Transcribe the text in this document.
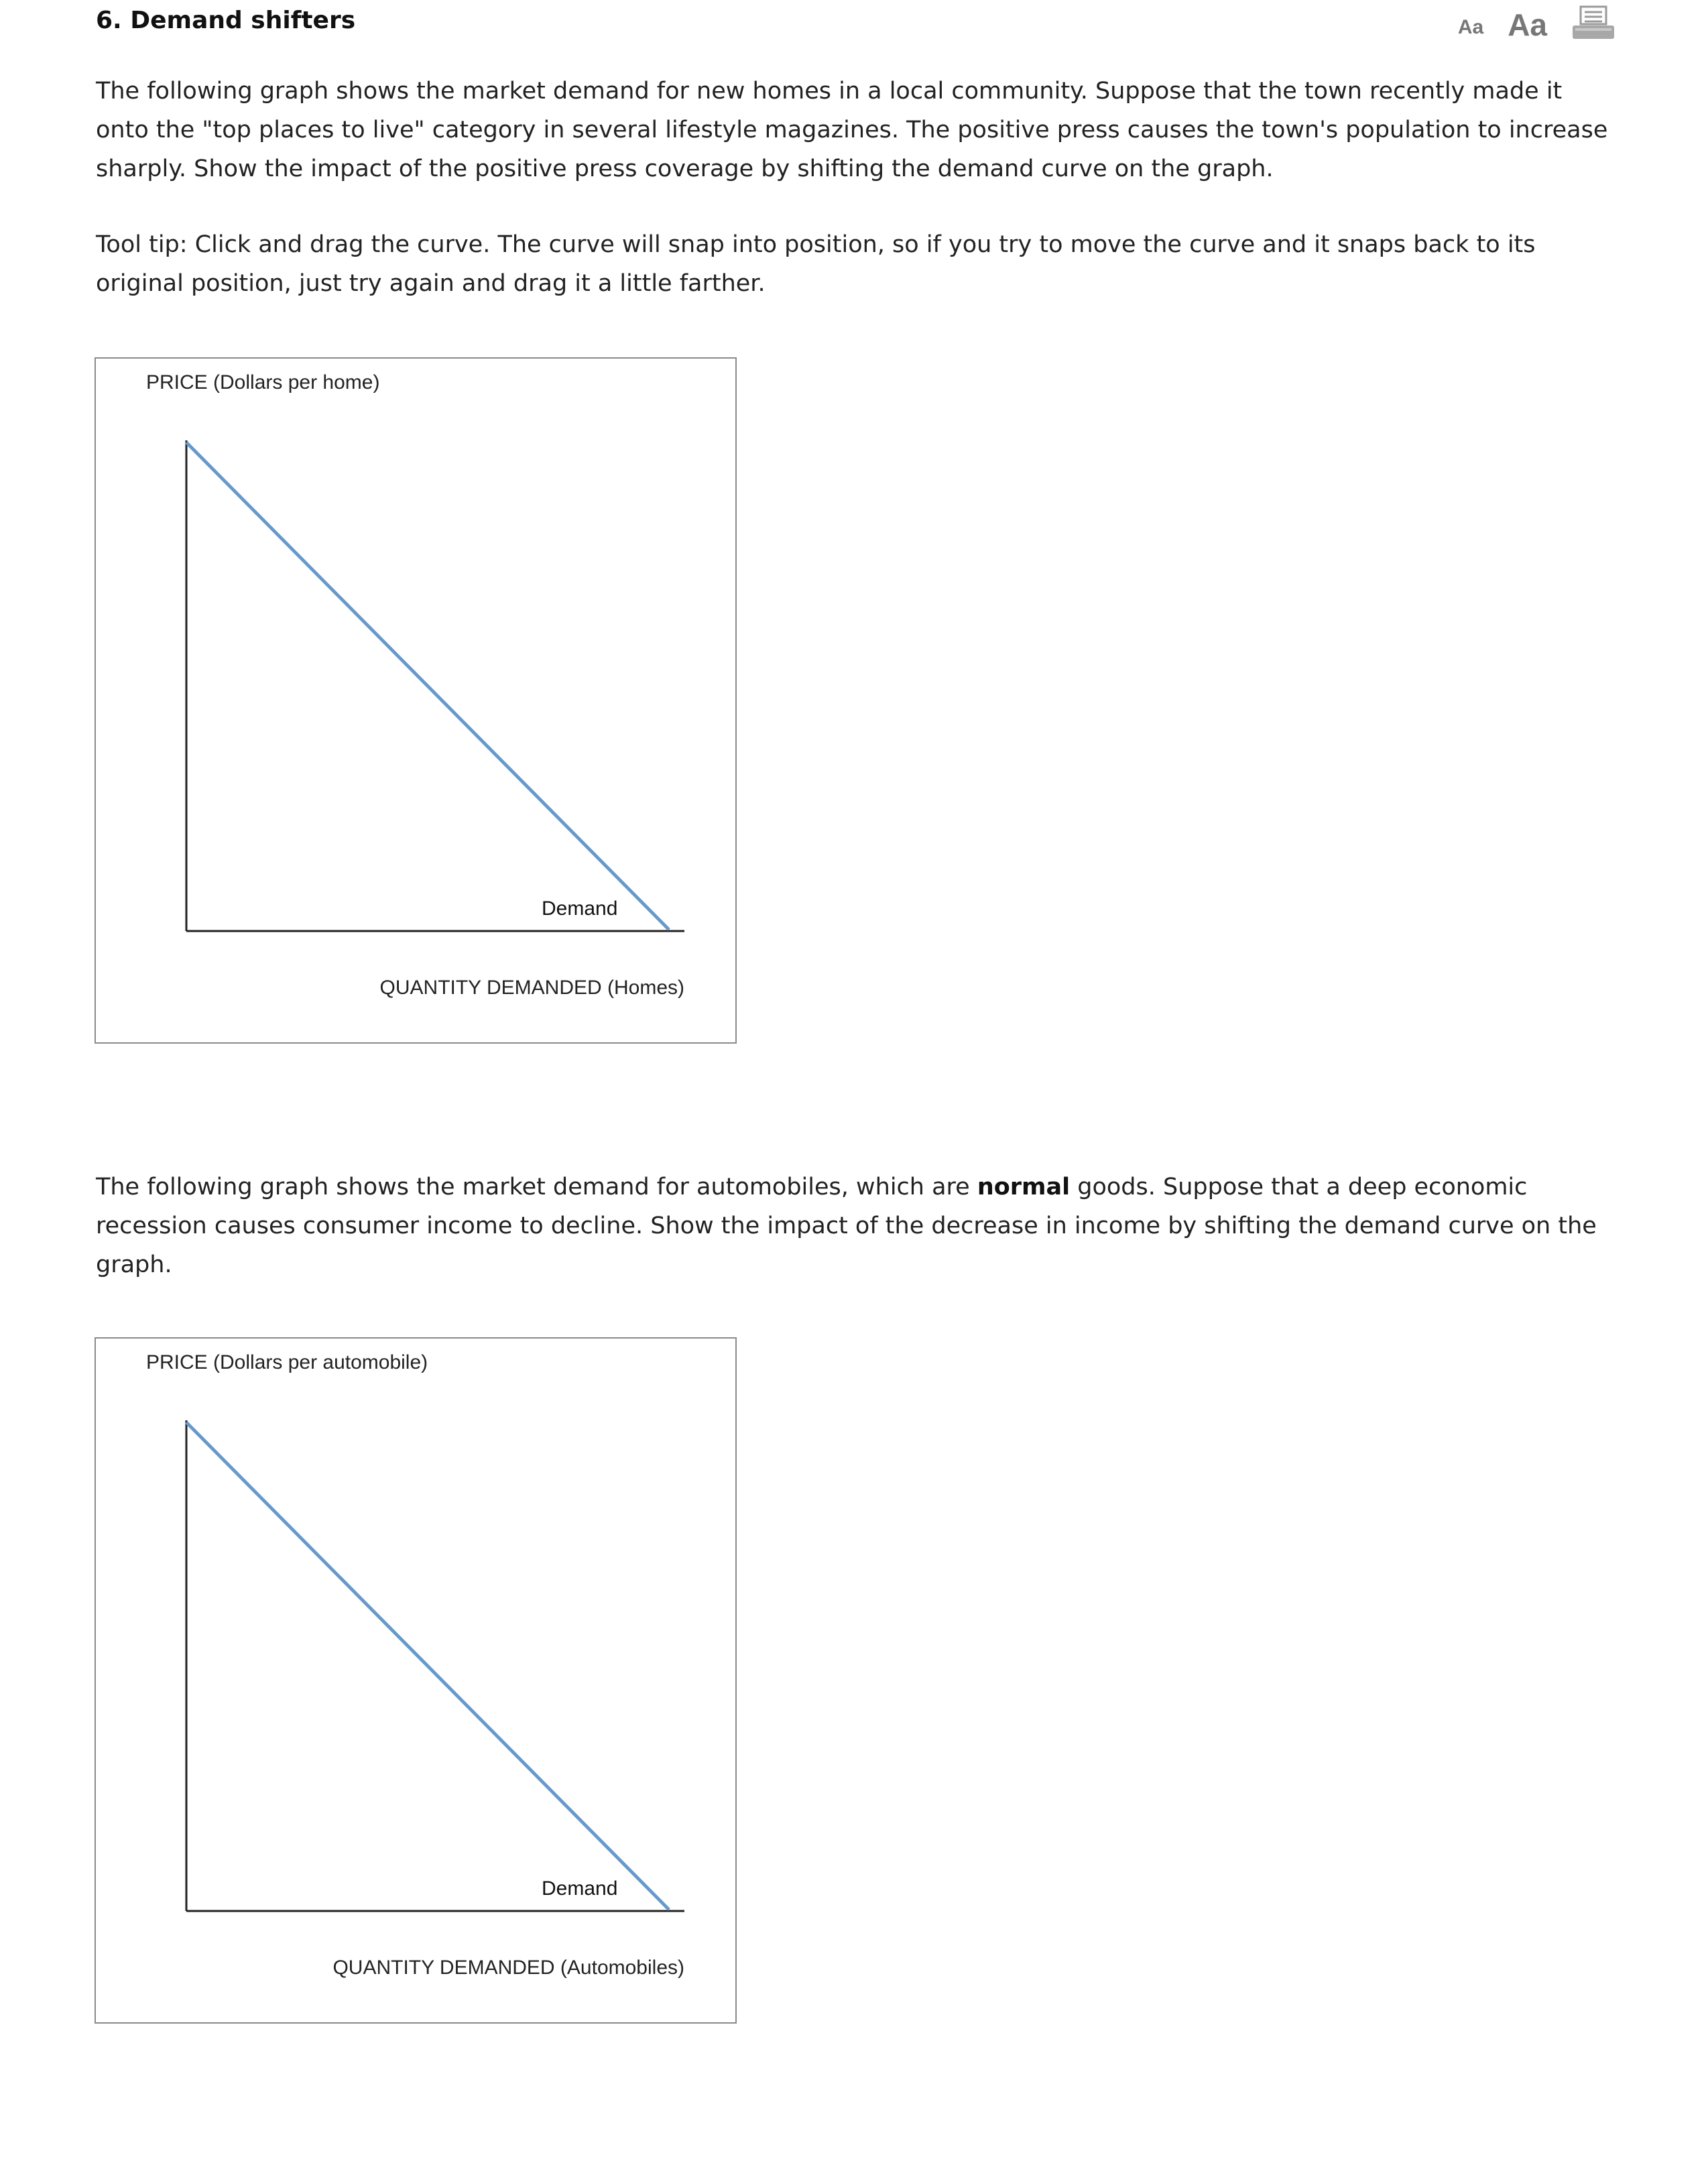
6. Demand shifters	Aa Aa

The following graph shows the market demand for new homes in a local community. Suppose that the town recently made it onto the "top places to live" category in several lifestyle magazines. The positive press causes the town's population to increase sharply. Show the impact of the positive press coverage by shifting the demand curve on the graph.

Tool tip: Click and drag the curve. The curve will snap into position, so if you try to move the curve and it snaps back to its original position, just try again and drag it a little farther.

PRICE (Dollars per home)
Demand
QUANTITY DEMANDED (Homes)

The following graph shows the market demand for automobiles, which are normal goods. Suppose that a deep economic recession causes consumer income to decline. Show the impact of the decrease in income by shifting the demand curve on the graph.

PRICE (Dollars per automobile)
Demand
QUANTITY DEMANDED (Automobiles)
